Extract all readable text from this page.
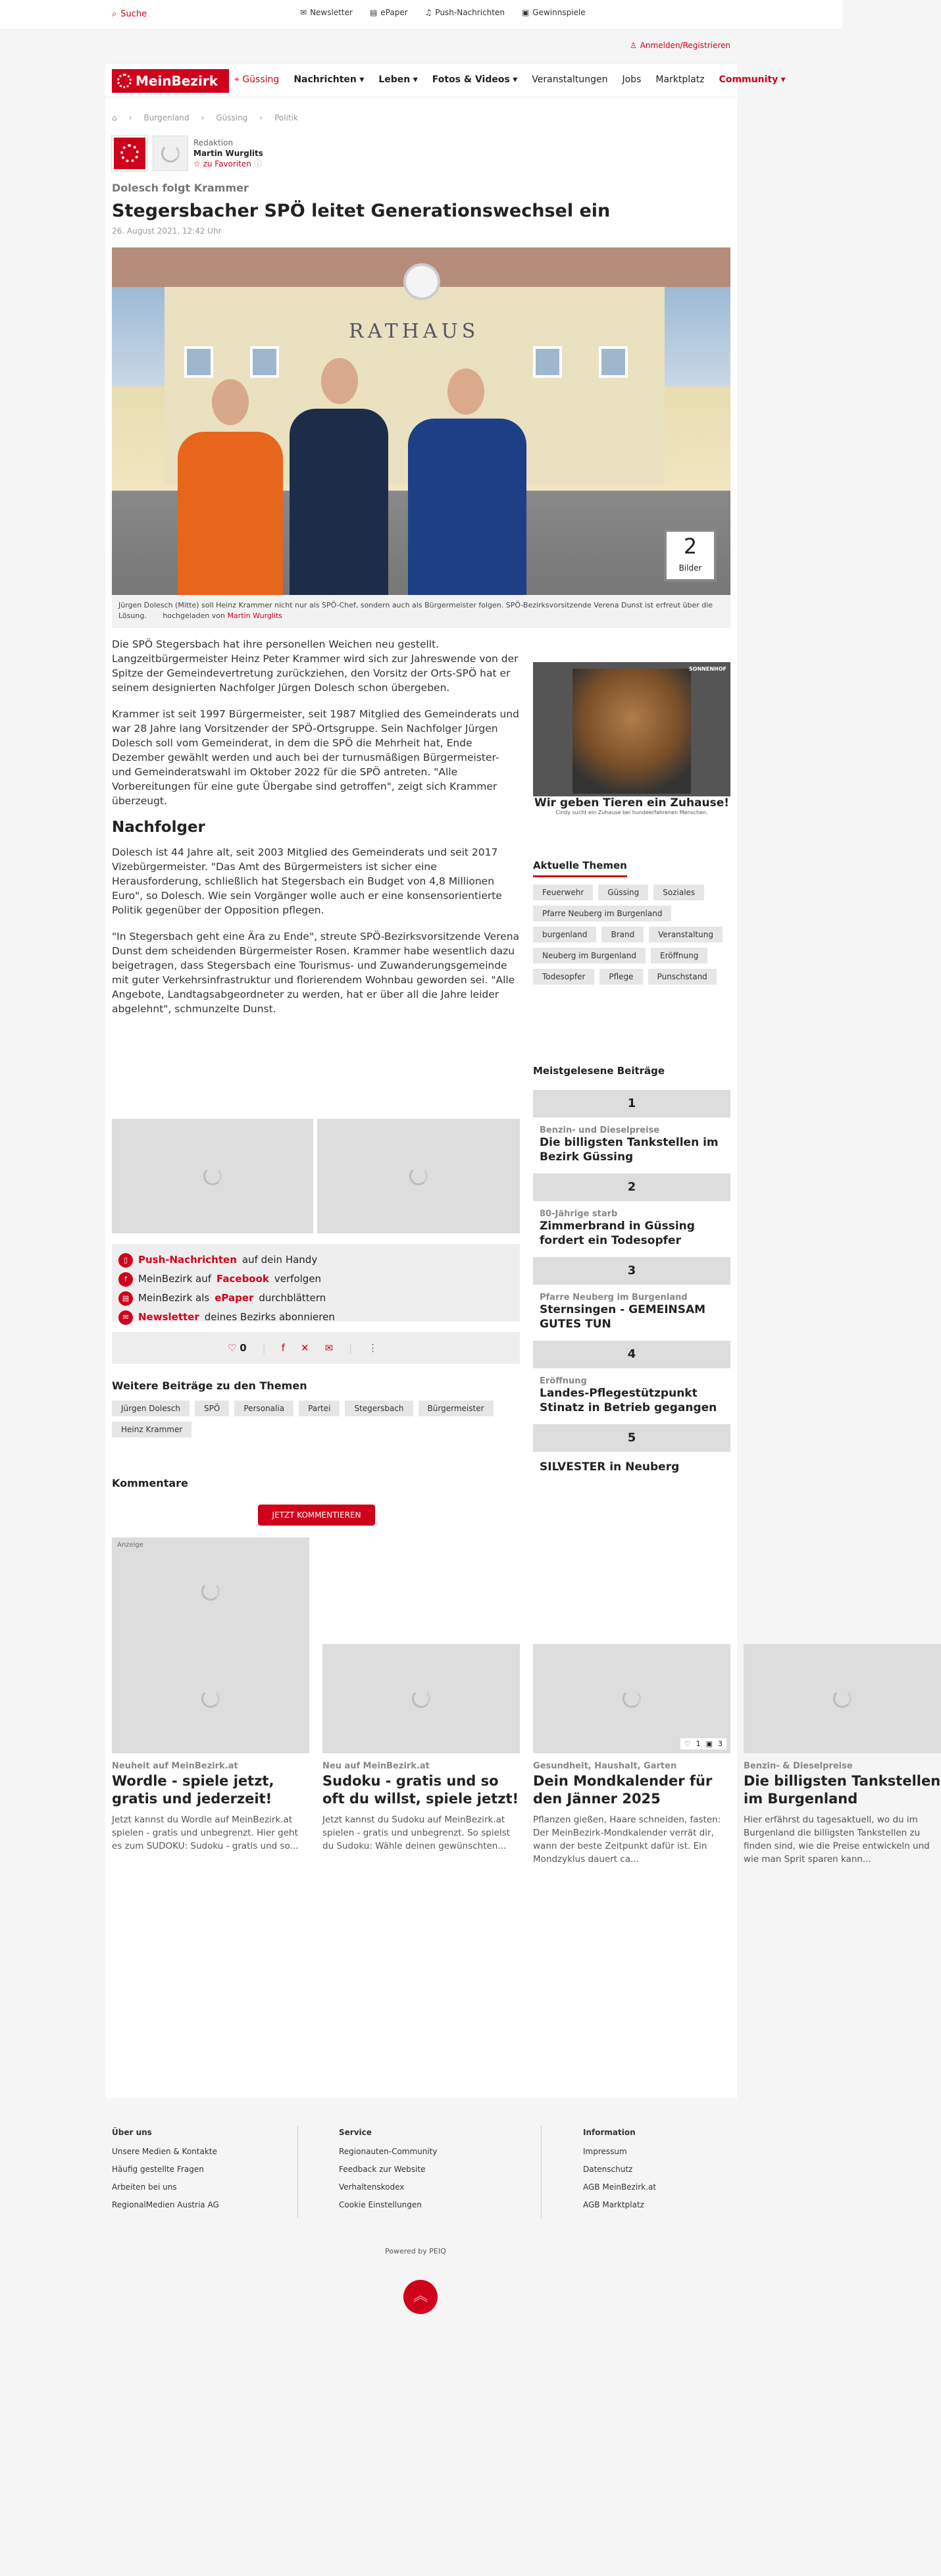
⌕ Suche	✉ Newsletter ▤ ePaper ♫ Push-Nachrichten ▣ Gewinnspiele
♙ Anmelden/Registrieren
MeinBezirk ⌖ Güssing Nachrichten ▾ Leben ▾ Fotos & Videos ▾ Veranstaltungen Jobs Marktplatz Community ▾
⌂ › Burgenland › Güssing › Politik
Redaktion
Martin Wurglits
☆ zu Favoriten ⓘ
Dolesch folgt Krammer
Stegersbacher SPÖ leitet Generationswechsel ein
26. August 2021, 12:42 Uhr
RATHAUS
2
Bilder
Jürgen Dolesch (Mitte) soll Heinz Krammer nicht nur als SPÖ-Chef, sondern auch als Bürgermeister folgen. SPÖ-Bezirksvorsitzende Verena Dunst ist erfreut über die Lösung. hochgeladen von Martin Wurglits

Die SPÖ Stegersbach hat ihre personellen Weichen neu gestellt. Langzeitbürgermeister Heinz Peter Krammer wird sich zur Jahreswende von der Spitze der Gemeindevertretung zurückziehen, den Vorsitz der Orts-SPÖ hat er seinem designierten Nachfolger Jürgen Dolesch schon übergeben.

Krammer ist seit 1997 Bürgermeister, seit 1987 Mitglied des Gemeinderats und war 28 Jahre lang Vorsitzender der SPÖ-Ortsgruppe. Sein Nachfolger Jürgen Dolesch soll vom Gemeinderat, in dem die SPÖ die Mehrheit hat, Ende Dezember gewählt werden und auch bei der turnusmäßigen Bürgermeister- und Gemeinderatswahl im Oktober 2022 für die SPÖ antreten. "Alle Vorbereitungen für eine gute Übergabe sind getroffen", zeigt sich Krammer überzeugt.

Nachfolger

Dolesch ist 44 Jahre alt, seit 2003 Mitglied des Gemeinderats und seit 2017 Vizebürgermeister. "Das Amt des Bürgermeisters ist sicher eine Herausforderung, schließlich hat Stegersbach ein Budget von 4,8 Millionen Euro", so Dolesch. Wie sein Vorgänger wolle auch er eine konsensorientierte Politik gegenüber der Opposition pflegen.

"In Stegersbach geht eine Ära zu Ende", streute SPÖ-Bezirksvorsitzende Verena Dunst dem scheidenden Bürgermeister Rosen. Krammer habe wesentlich dazu beigetragen, dass Stegersbach eine Tourismus- und Zuwanderungsgemeinde mit guter Verkehrsinfrastruktur und florierendem Wohnbau geworden sei. "Alle Angebote, Landtagsabgeordneter zu werden, hat er über all die Jahre leider abgelehnt", schmunzelte Dunst.

SONNENHOF
Wir geben Tieren ein Zuhause!
Cindy sucht ein Zuhause bei hundeerfahrenen Menschen.
Aktuelle Themen
Feuerwehr	Güssing	Soziales
Pfarre Neuberg im Burgenland
burgenland	Brand	Veranstaltung
Neuberg im Burgenland	Eröffnung
Todesopfer	Pflege	Punschstand
Meistgelesene Beiträge
1
Benzin- und Dieselpreise
Die billigsten Tankstellen im Bezirk Güssing
2
80-Jährige starb
Zimmerbrand in Güssing fordert ein Todesopfer
3
Pfarre Neuberg im Burgenland
Sternsingen - GEMEINSAM GUTES TUN
4
Eröffnung
Landes-Pflegestützpunkt Stinatz in Betrieb gegangen
5
SILVESTER in Neuberg
▯	Push-Nachrichten auf dein Handy
f	MeinBezirk auf Facebook verfolgen
▤ MeinBezirk als ePaper durchblättern
✉ Newsletter deines Bezirks abonnieren
♡ 0 | f ✕ ✉ | ⋮
Weitere Beiträge zu den Themen
Jürgen Dolesch	SPÖ	Personalia	Partei	Stegersbach	Bürgermeister
Heinz Krammer
Kommentare
JETZT KOMMENTIEREN
Anzeige
Neuheit auf MeinBezirk.at
Wordle - spiele jetzt, gratis und jederzeit!

Jetzt kannst du Wordle auf MeinBezirk.at spielen - gratis und unbegrenzt. Hier geht es zum SUDOKU: Sudoku - gratis und so...

Neu auf MeinBezirk.at
Sudoku - gratis und so oft du willst, spiele jetzt!

Jetzt kannst du Sudoku auf MeinBezirk.at spielen - gratis und unbegrenzt. So spielst du Sudoku: Wähle deinen gewünschten...

♡ 1 ▣ 3
Gesundheit, Haushalt, Garten
Dein Mondkalender für den Jänner 2025

Pflanzen gießen, Haare schneiden, fasten: Der MeinBezirk-Mondkalender verrät dir, wann der beste Zeitpunkt dafür ist. Ein Mondzyklus dauert ca...

Benzin- & Dieselpreise
Die billigsten Tankstellen im Burgenland

Hier erfährst du tagesaktuell, wo du im Burgenland die billigsten Tankstellen zu finden sind, wie die Preise entwickeln und wie man Sprit sparen kann...

Über uns
Unsere Medien & Kontakte
Häufig gestellte Fragen
Arbeiten bei uns
RegionalMedien Austria AG
Service
Regionauten-Community
Feedback zur Website
Verhaltenskodex
Cookie Einstellungen
Information
Impressum
Datenschutz
AGB MeinBezirk.at
AGB Marktplatz
Powered by PEIQ
︽
